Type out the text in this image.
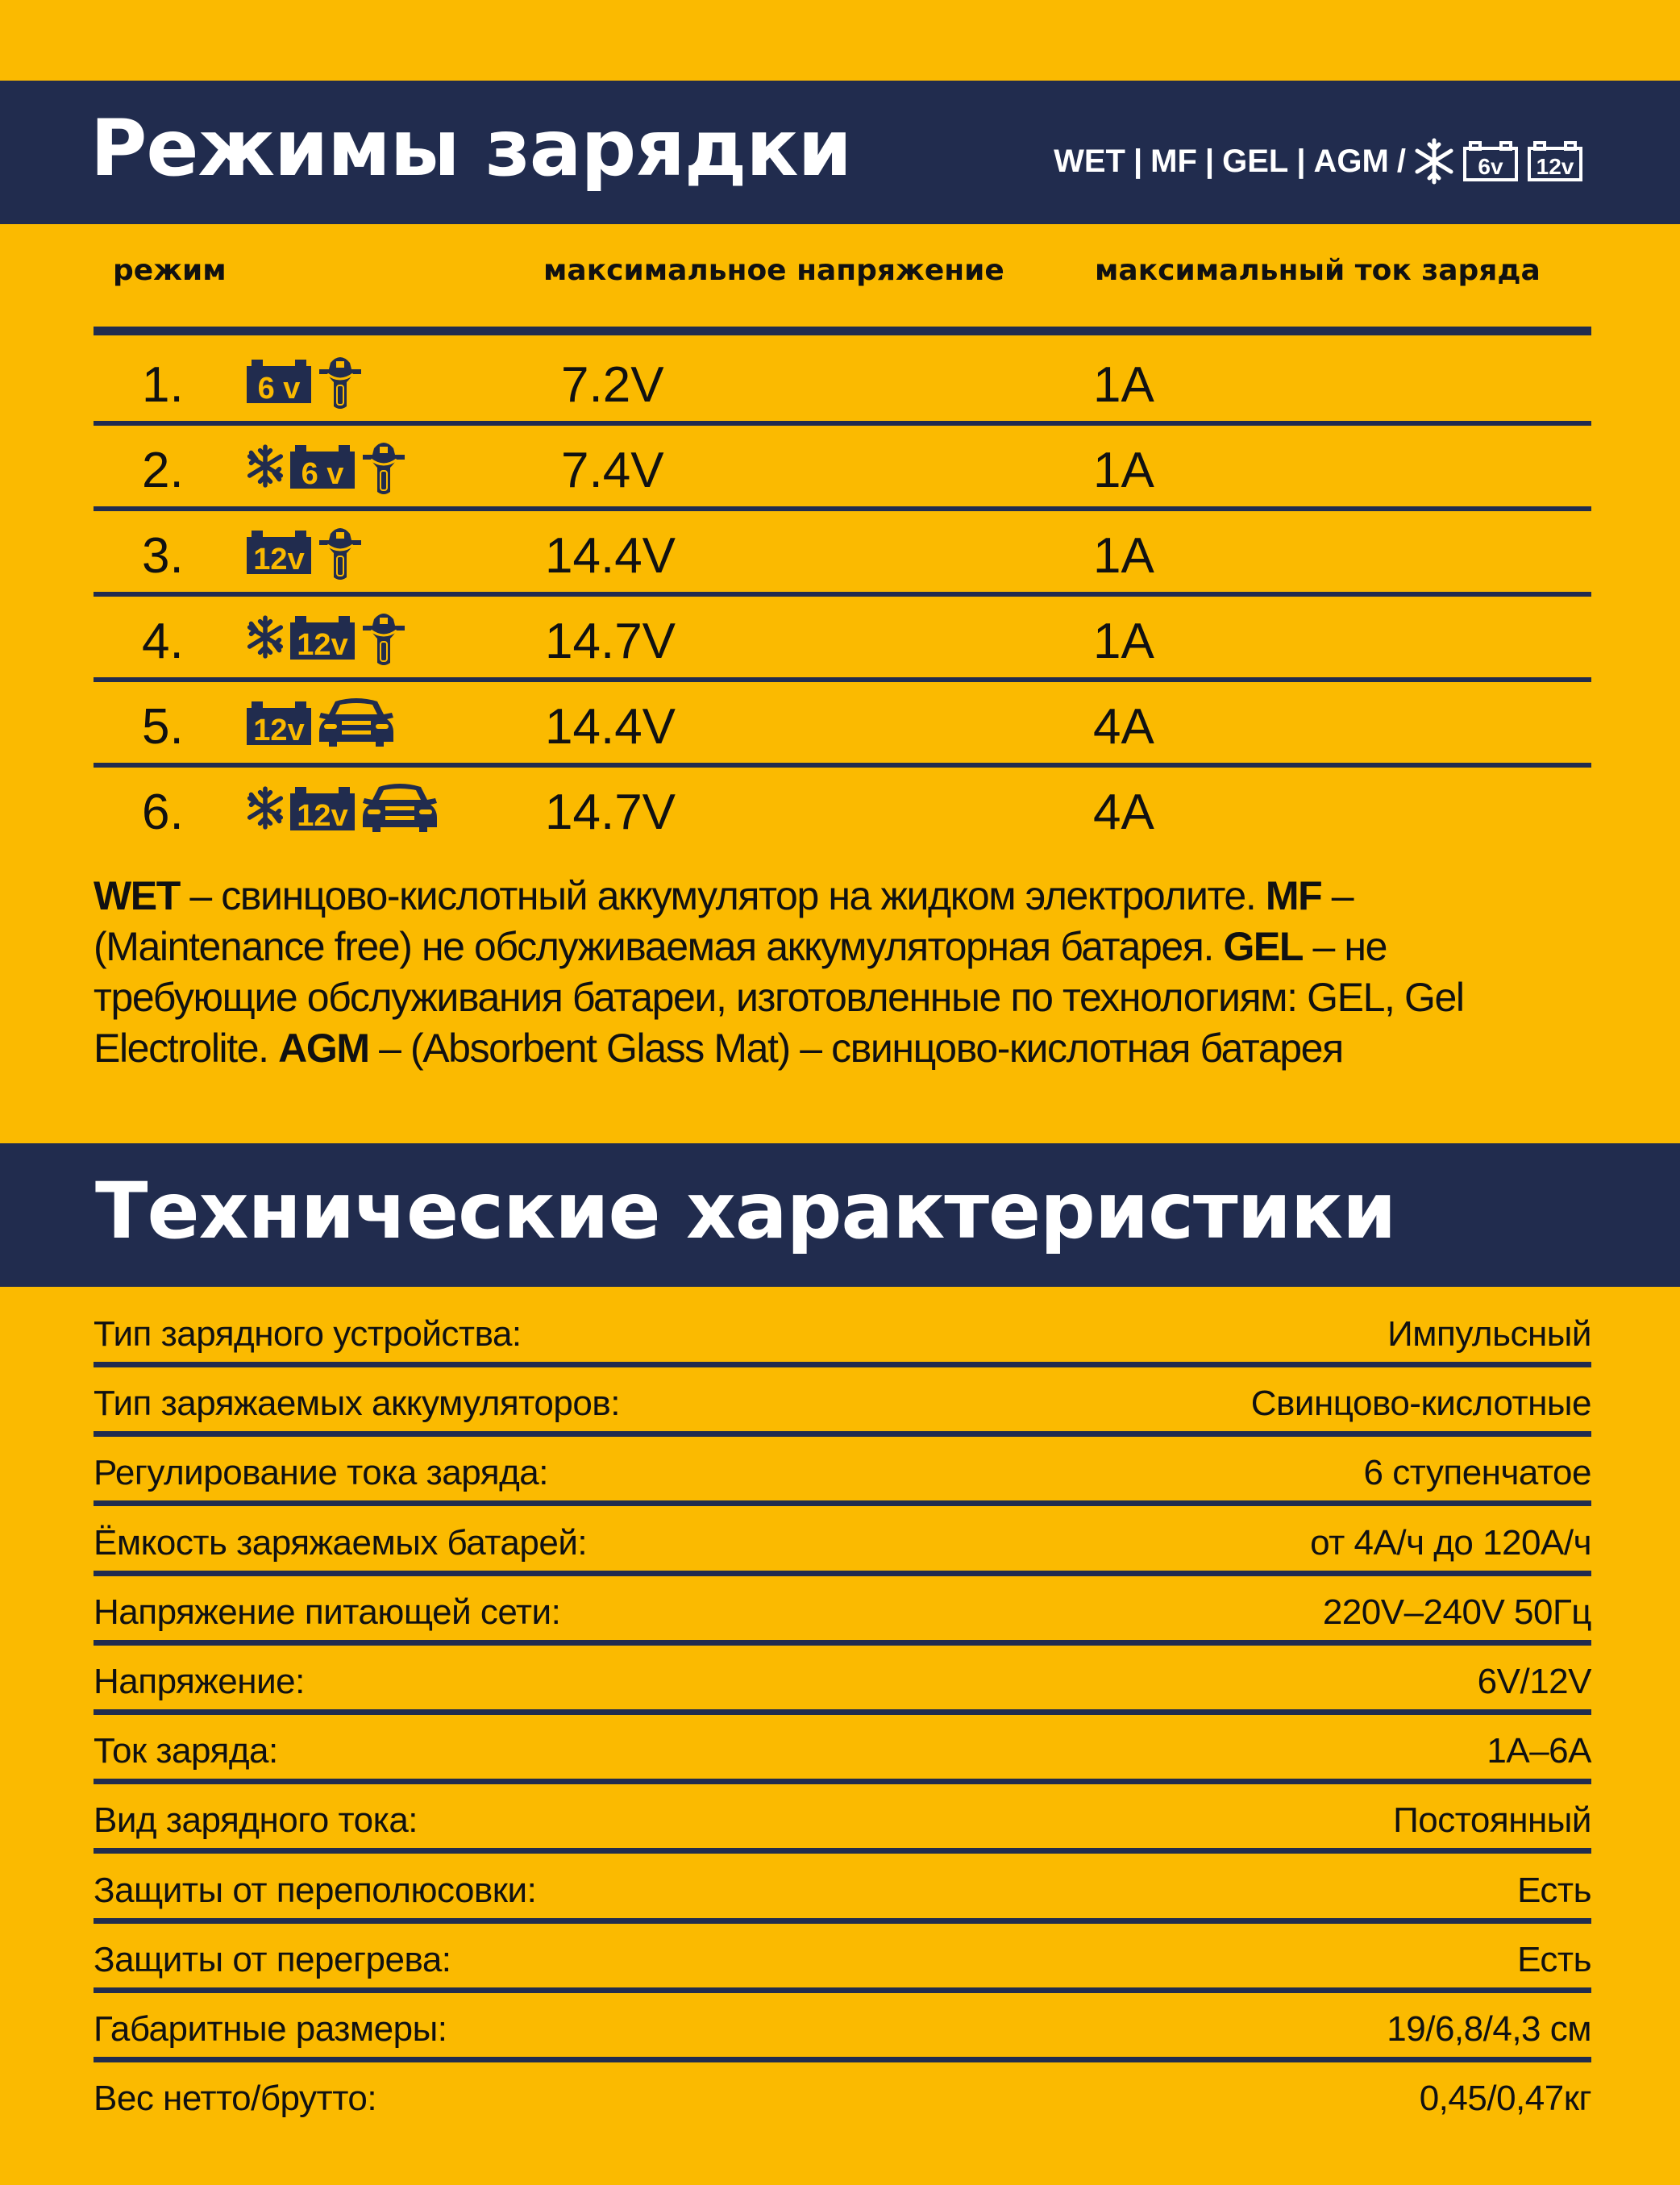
Режимы зарядки	WET | MF | GEL | AGM /	6v 12v
режим	максимальное напряжение	максимальный ток заряда
1. 6 v	7.2V	1A
2.	6 v	7.4V	1A
3. 12v	14.4V	1A
4.	12v	14.7V	1A
5. 12v	14.4V	4A
6.	12v	14.7V	4A
WET – свинцово-кислотный аккумулятор на жидком электролите. MF – (Maintenance free) не обслуживаемая аккумуляторная батарея. GEL – не требующие обслуживания батареи, изготовленные по технологиям: GEL, Gel Electrolite. AGM – (Absorbent Glass Mat) – свинцово-кислотная батарея
Технические характеристики
Тип зарядного устройства:	Импульсный
Тип заряжаемых аккумуляторов:	Свинцово-кислотные
Регулирование тока заряда:	6 ступенчатое
Ёмкость заряжаемых батарей:	от 4А/ч до 120А/ч
Напряжение питающей сети:	220V–240V 50Гц
Напряжение:	6V/12V
Ток заряда:	1A–6A
Вид зарядного тока:	Постоянный
Защиты от переполюсовки:	Есть
Защиты от перегрева:	Есть
Габаритные размеры:	19/6,8/4,3 см
Вес нетто/брутто:	0,45/0,47кг
